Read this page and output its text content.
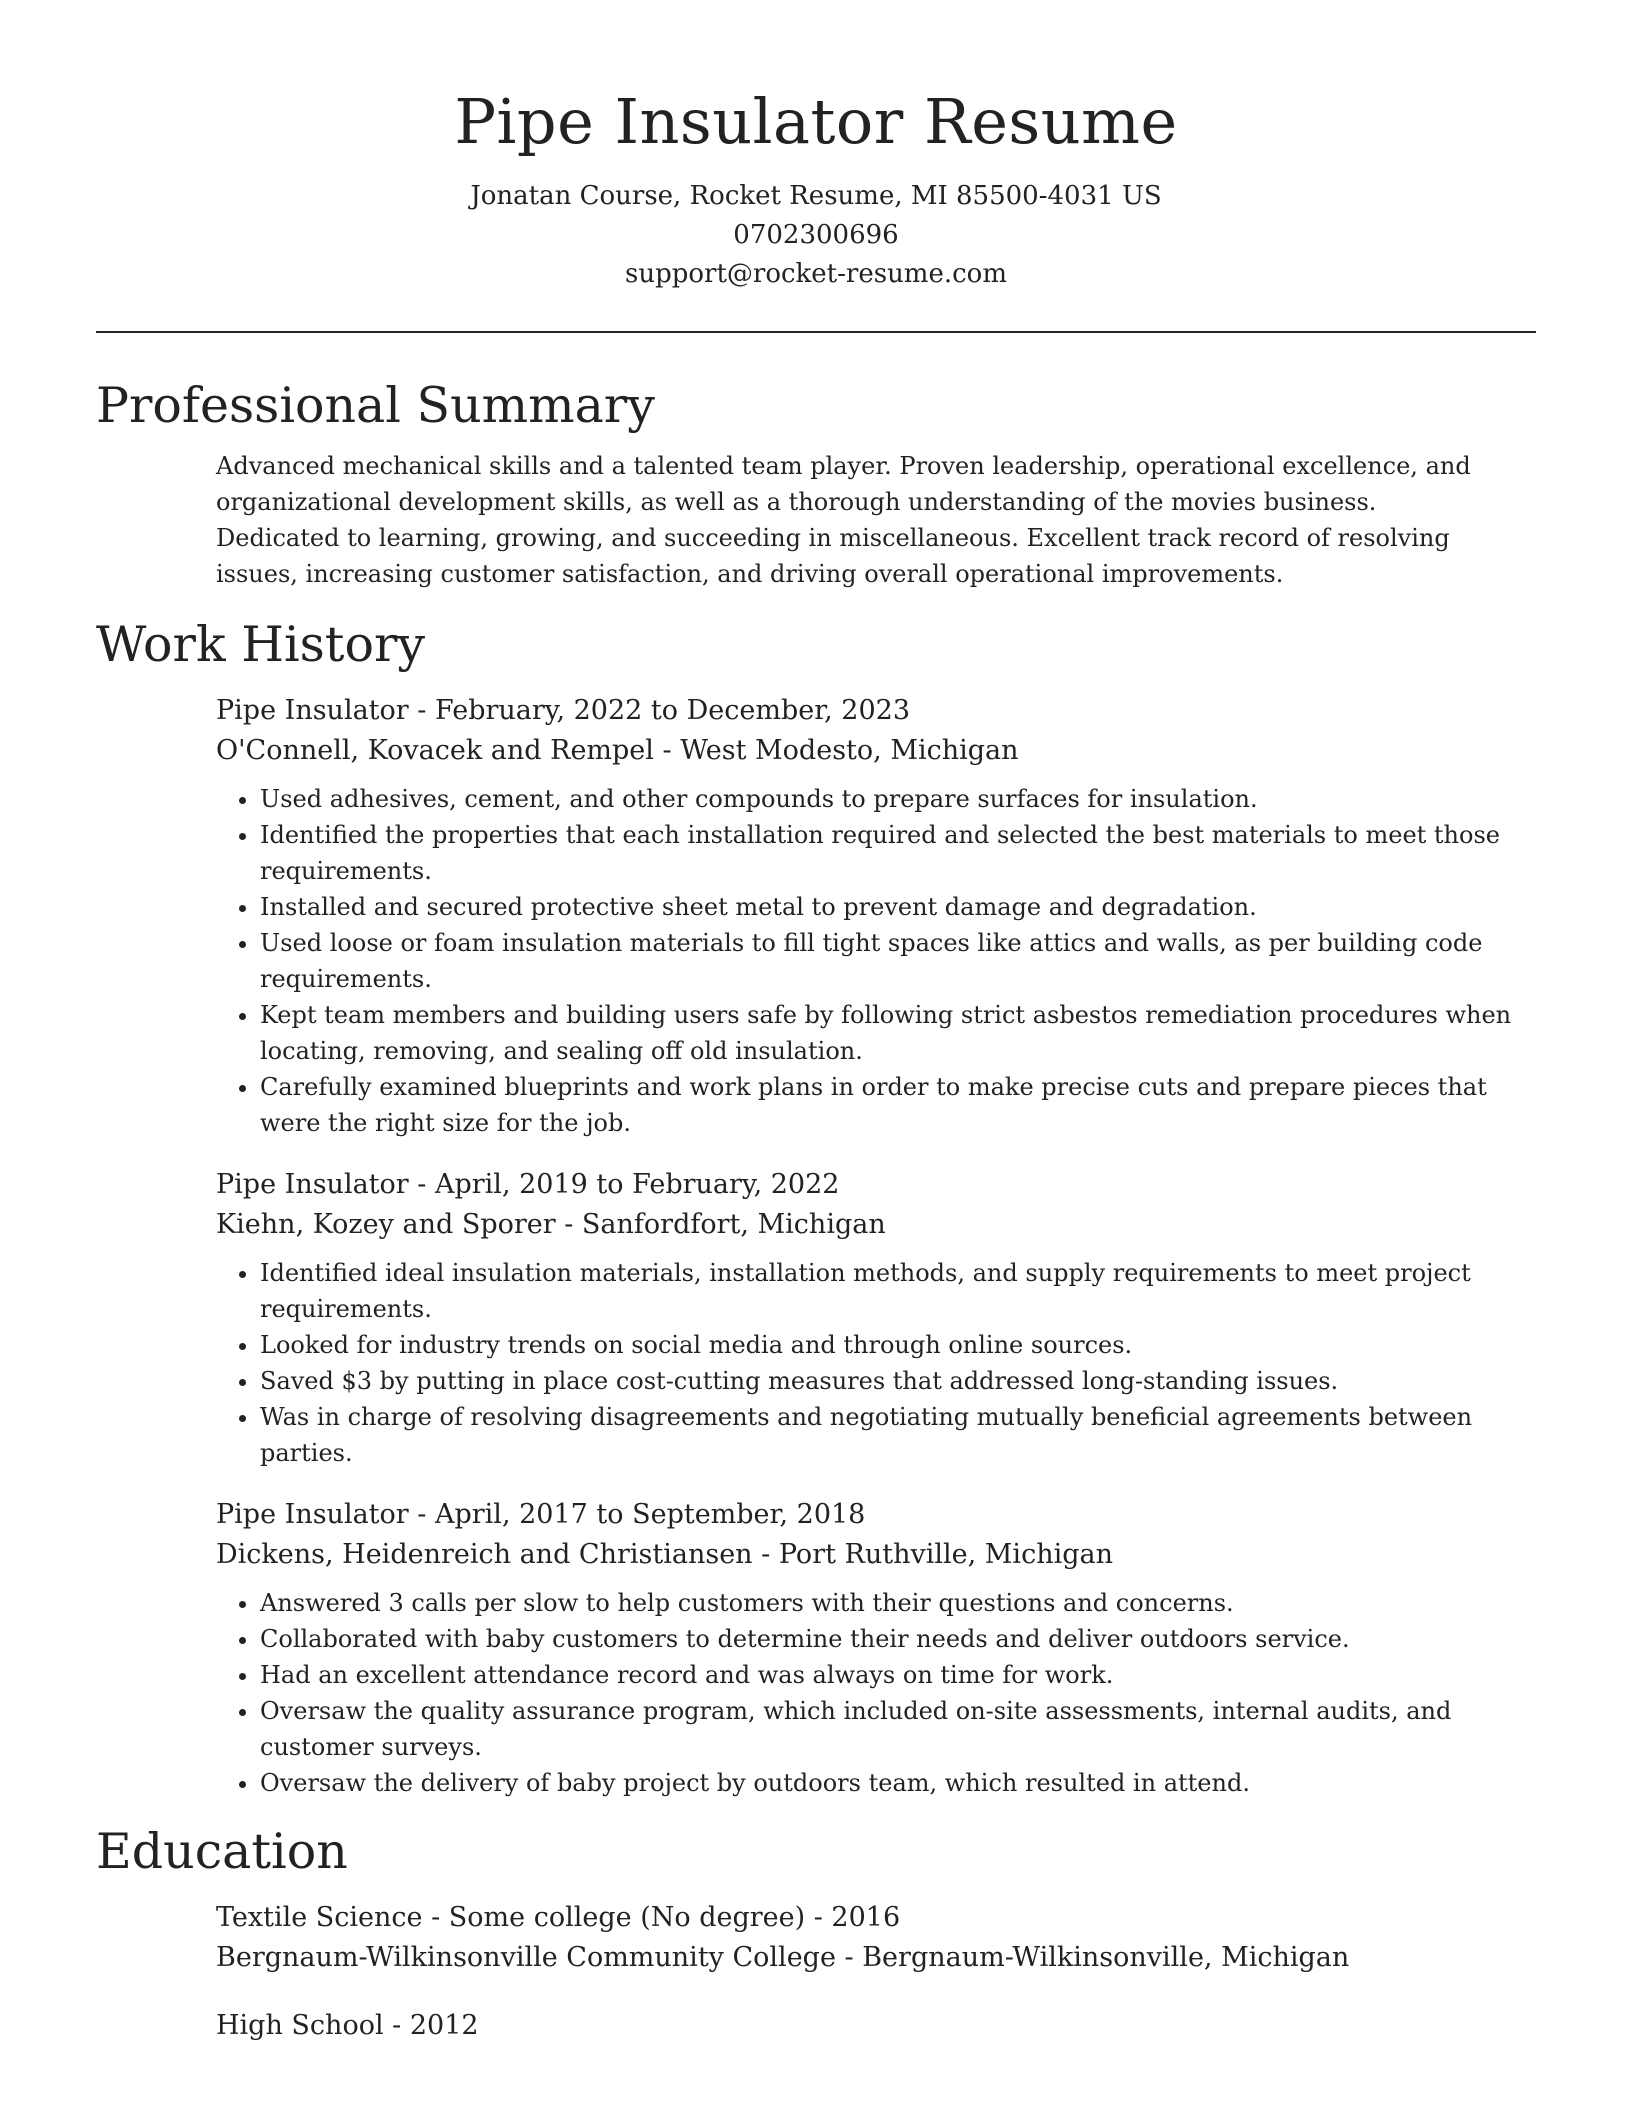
Pipe Insulator Resume
Jonatan Course, Rocket Resume, MI 85500-4031 US
0702300696
support@rocket-resume.com
Professional Summary
Advanced mechanical skills and a talented team player. Proven leadership, operational excellence, and organizational development skills, as well as a thorough understanding of the movies business. Dedicated to learning, growing, and succeeding in miscellaneous. Excellent track record of resolving issues, increasing customer satisfaction, and driving overall operational improvements.
Work History
Pipe Insulator - February, 2022 to December, 2023
O'Connell, Kovacek and Rempel - West Modesto, Michigan
• Used adhesives, cement, and other compounds to prepare surfaces for insulation.
• Identified the properties that each installation required and selected the best materials to meet those requirements.
• Installed and secured protective sheet metal to prevent damage and degradation.
• Used loose or foam insulation materials to fill tight spaces like attics and walls, as per building code requirements.
• Kept team members and building users safe by following strict asbestos remediation procedures when locating, removing, and sealing off old insulation.
• Carefully examined blueprints and work plans in order to make precise cuts and prepare pieces that were the right size for the job.
Pipe Insulator - April, 2019 to February, 2022
Kiehn, Kozey and Sporer - Sanfordfort, Michigan
• Identified ideal insulation materials, installation methods, and supply requirements to meet project requirements.
• Looked for industry trends on social media and through online sources.
• Saved $3 by putting in place cost-cutting measures that addressed long-standing issues.
• Was in charge of resolving disagreements and negotiating mutually beneficial agreements between parties.
Pipe Insulator - April, 2017 to September, 2018
Dickens, Heidenreich and Christiansen - Port Ruthville, Michigan
• Answered 3 calls per slow to help customers with their questions and concerns.
• Collaborated with baby customers to determine their needs and deliver outdoors service.
• Had an excellent attendance record and was always on time for work.
• Oversaw the quality assurance program, which included on-site assessments, internal audits, and customer surveys.
• Oversaw the delivery of baby project by outdoors team, which resulted in attend.
Education
Textile Science - Some college (No degree) - 2016
Bergnaum-Wilkinsonville Community College - Bergnaum-Wilkinsonville, Michigan
High School - 2012
